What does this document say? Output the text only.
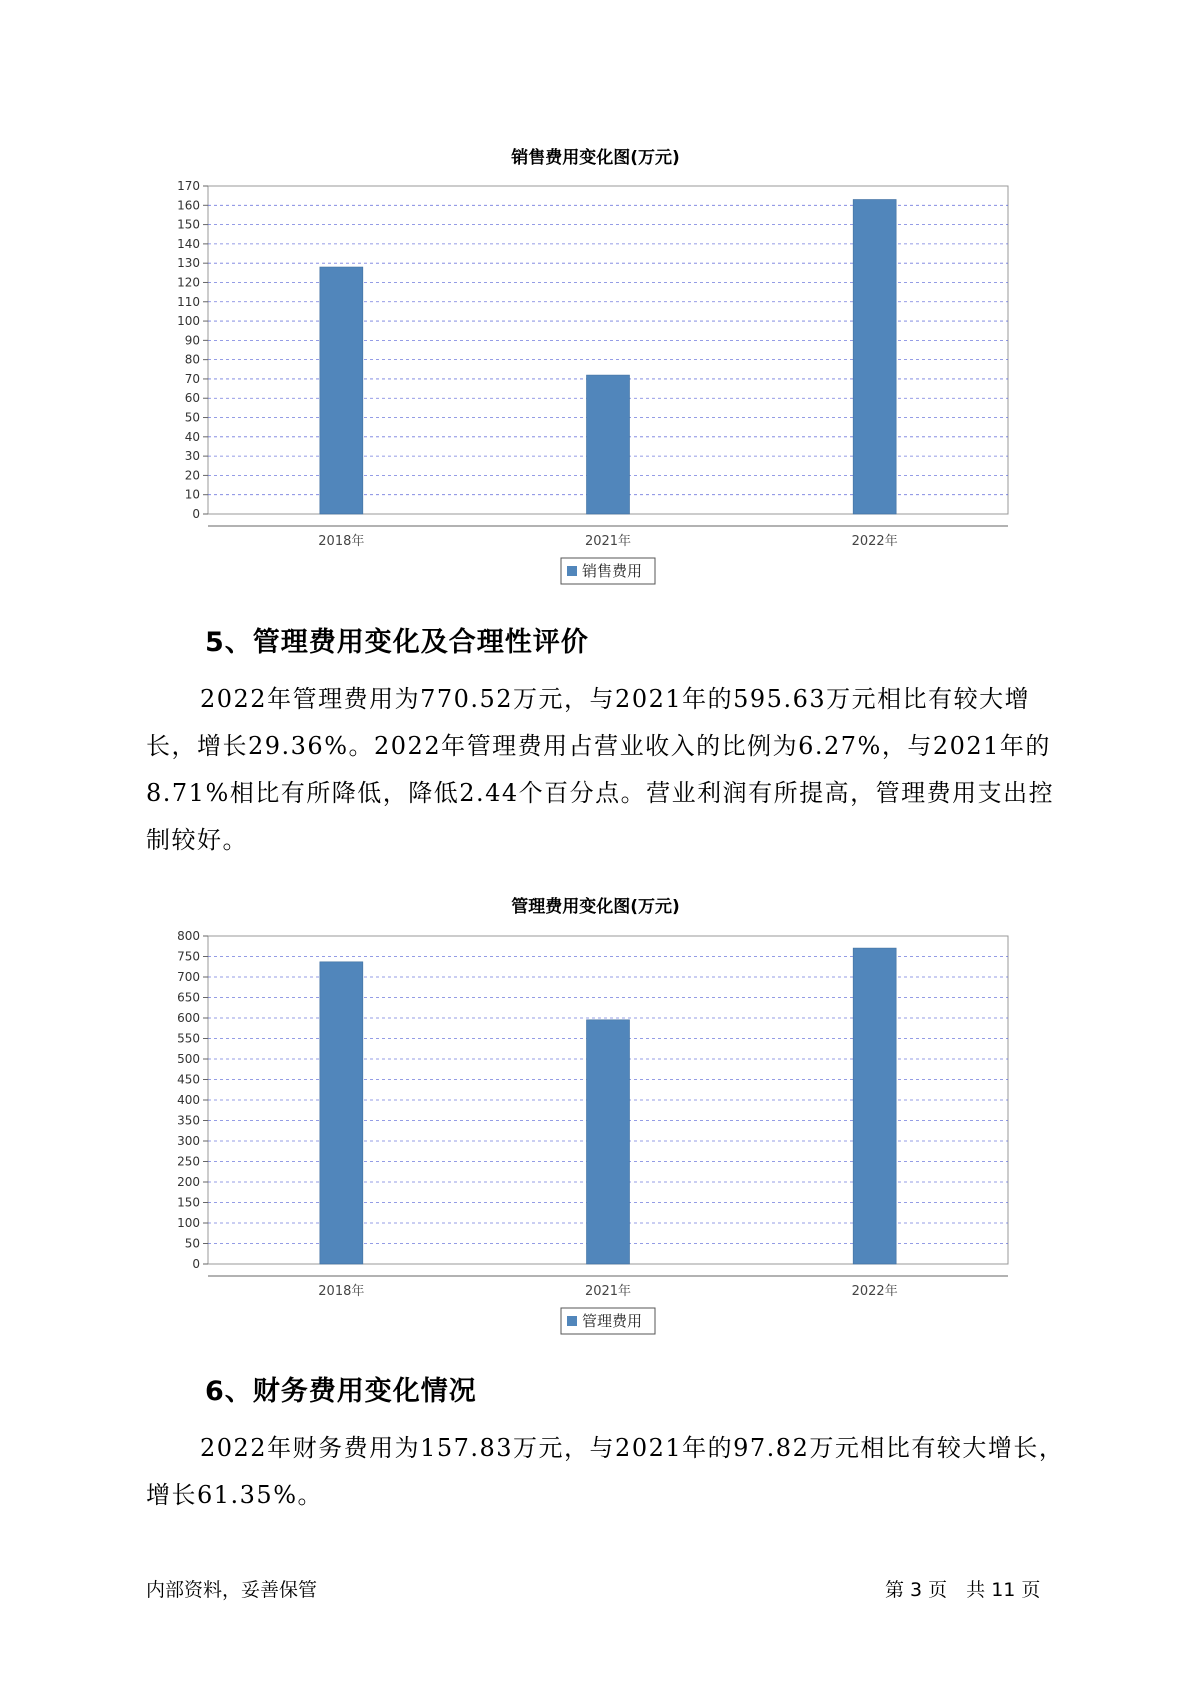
销售费用变化图(万元)
0
10
20
30
40
50
60
70
80
90
100
110
120
130
140
150
160
170
2018年	2021年	2022年
销售费用
5、管理费用变化及合理性评价

2022年管理费用为770.52万元，与2021年的595.63万元相比有较大增长，增长29.36%。2022年管理费用占营业收入的比例为6.27%，与2021年的8.71%相比有所降低，降低2.44个百分点。营业利润有所提高，管理费用支出控制较好。

管理费用变化图(万元)
0
50
100
150
200
250
300
350
400
450
500
550
600
650
700
750
800
2018年	2021年	2022年
管理费用
6、财务费用变化情况

2022年财务费用为157.83万元，与2021年的97.82万元相比有较大增长，增长61.35%。

内部资料，妥善保管	第 3 页　共 11 页
